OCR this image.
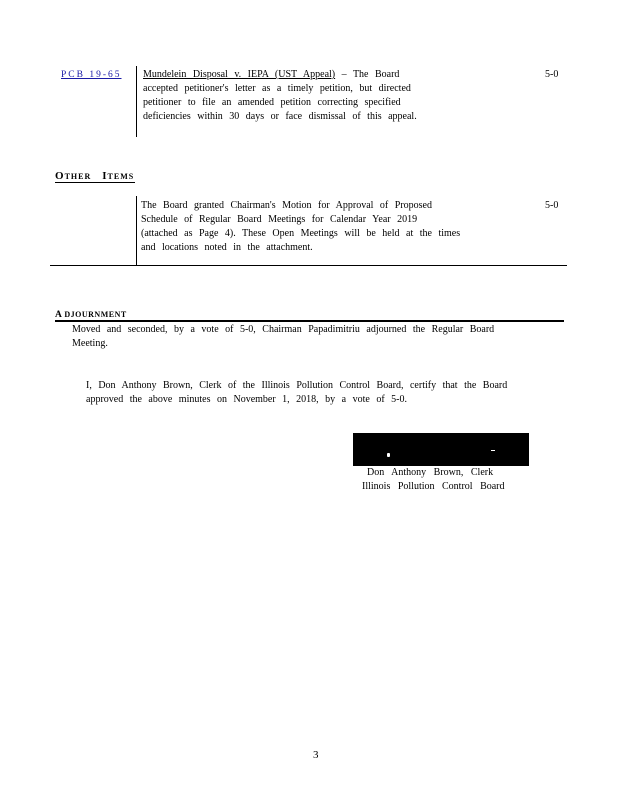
PCB 19-65 Mundelein Disposal v. IEPA (UST Appeal) – The Board
accepted petitioner's letter as a timely petition, but directed
petitioner to file an amended petition correcting specified
deficiencies within 30 days or face dismissal of this appeal.
5-0
OTHER ITEMS
The Board granted Chairman's Motion for Approval of Proposed
Schedule of Regular Board Meetings for Calendar Year 2019
(attached as Page 4). These Open Meetings will be held at the times
and locations noted in the attachment.
5-0
A DJOURNMENT
Moved and seconded, by a vote of 5-0, Chairman Papadimitriu adjourned the Regular Board
Meeting.
I, Don Anthony Brown, Clerk of the Illinois Pollution Control Board, certify that the Board
approved the above minutes on November 1, 2018, by a vote of 5-0.
Don Anthony Brown, Clerk
Illinois Pollution Control Board
3
